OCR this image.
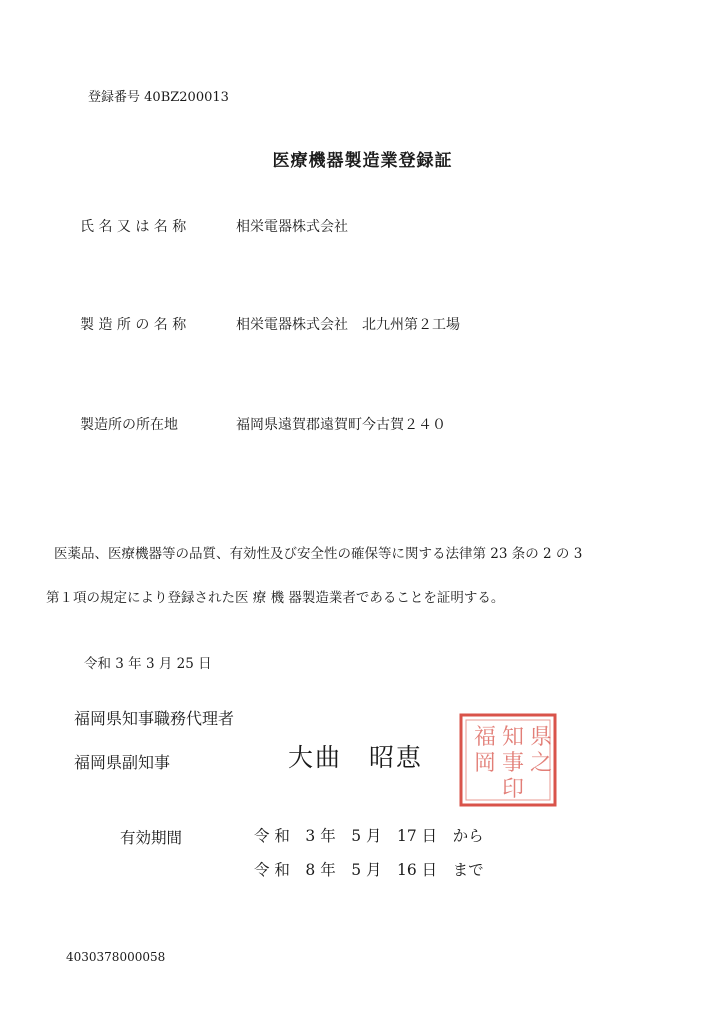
登録番号 40BZ200013
医療機器製造業登録証
氏 名 又 は 名 称	相栄電器株式会社
製 造 所 の 名 称	相栄電器株式会社　北九州第２工場
製造所の所在地	福岡県遠賀郡遠賀町今古賀２４０
医薬品、医療機器等の品質、有効性及び安全性の確保等に関する法律第 23 条の 2 の 3
第１項の規定により登録された医 療 機 器製造業者であることを証明する。
令和 3 年 3 月 25 日
福岡県知事職務代理者
福岡県副知事	大曲　昭恵
県
之
知
事
福
岡
印
有効期間	令 和　3 年　5 月　17 日　から
令 和　8 年　5 月　16 日　まで
4030378000058
